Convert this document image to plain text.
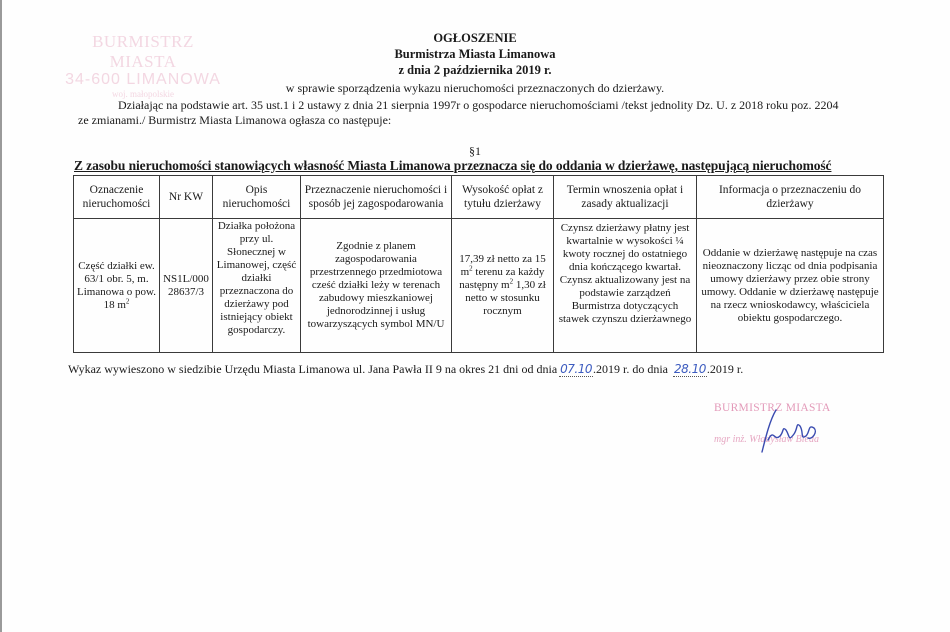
BURMISTRZ MIASTA
34-600 LIMANOWA
woj. małopolskie
OGŁOSZENIE
Burmistrza Miasta Limanowa
z dnia 2 października 2019 r.
w sprawie sporządzenia wykazu nieruchomości przeznaczonych do dzierżawy.
Działając na podstawie art. 35 ust.1 i 2 ustawy z dnia 21 sierpnia 1997r o gospodarce nieruchomościami /tekst jednolity Dz. U. z 2018 roku poz. 2204
ze zmianami./ Burmistrz Miasta Limanowa ogłasza co następuje:
§1
Z zasobu nieruchomości stanowiących własność Miasta Limanowa przeznacza się do oddania w dzierżawę, następującą nieruchomość
Oznaczenie nieruchomości	Nr KW	Opis nieruchomości	Przeznaczenie nieruchomości i sposób jej zagospodarowania	Wysokość opłat z tytułu dzierżawy	Termin wnoszenia opłat i zasady aktualizacji	Informacja o przeznaczeniu do dzierżawy
Część działki ew. 63/1 obr. 5, m. Limanowa o pow. 18 $m^2$	NS1L/000 28637/3	Działka położona przy ul. Słonecznej w Limanowej, część działki przeznaczona do dzierżawy pod istniejący obiekt gospodarczy.	Zgodnie z planem zagospodarowania przestrzennego przedmiotowa cześć działki leży w terenach zabudowy mieszkaniowej jednorodzinnej i usług towarzyszących symbol MN/U	17,39 zł netto za 15 $m^2$ terenu za każdy następny $m^2$ 1,30 zł netto w stosunku rocznym	Czynsz dzierżawy płatny jest kwartalnie w wysokości ¼ kwoty rocznej do ostatniego dnia kończącego kwartał. Czynsz aktualizowany jest na podstawie zarządzeń Burmistrza dotyczących stawek czynszu dzierżawnego	Oddanie w dzierżawę następuje na czas nieoznaczony licząc od dnia podpisania umowy dzierżawy przez obie strony umowy. Oddanie w dzierżawę następuje na rzecz wnioskodawcy, właściciela obiektu gospodarczego.
Wykaz wywieszono w siedzibie Urzędu Miasta Limanowa ul. Jana Pawła II 9 na okres 21 dni od dnia 07.10.2019 r. do dnia 28.10.2019 r.
BURMISTRZ MIASTA
mgr inż. Władysław Bieda
